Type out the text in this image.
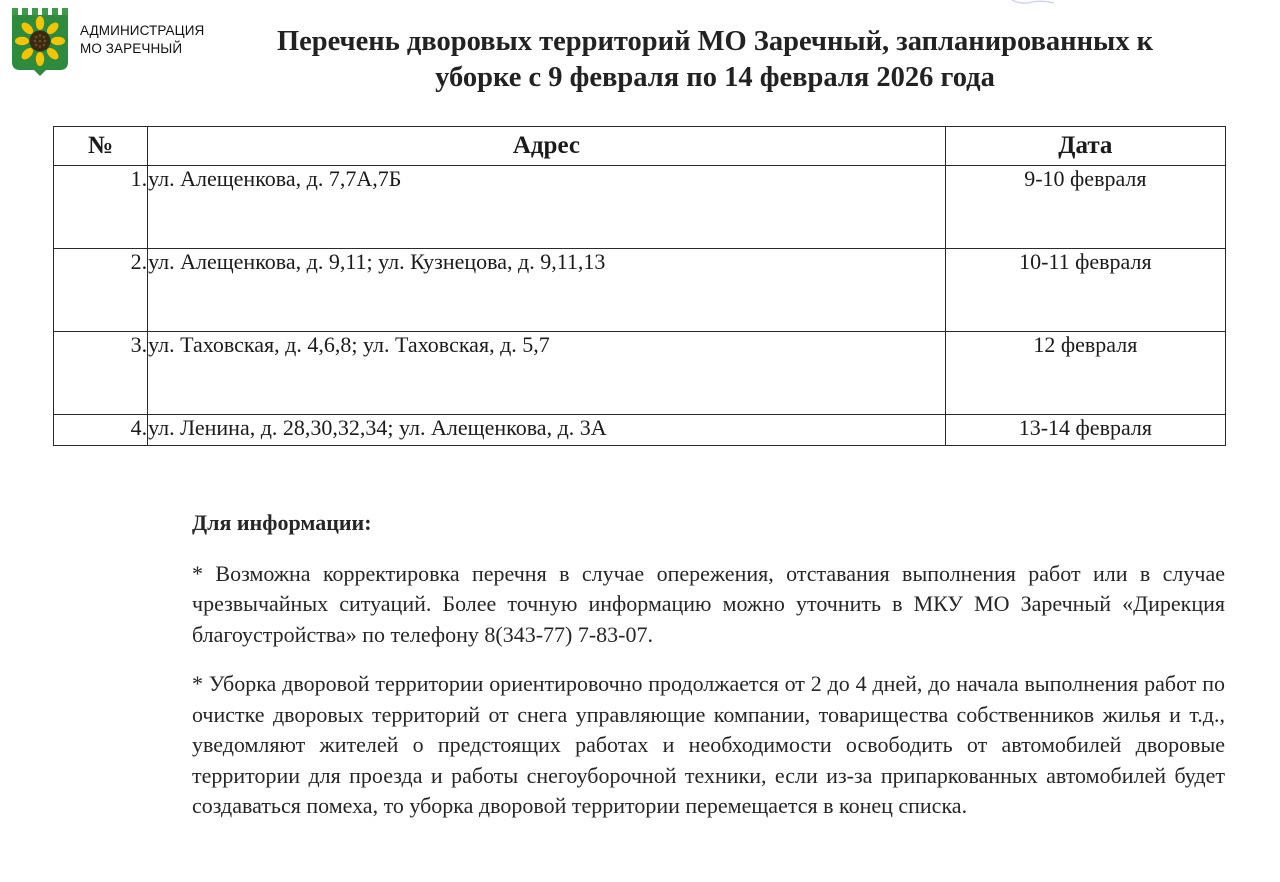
АДМИНИСТРАЦИЯ
МО ЗАРЕЧНЫЙ	Перечень дворовых территорий МО Заречный, запланированных к
уборке с 9 февраля по 14 февраля 2026 года
№	Адрес	Дата
1.	ул. Алещенкова, д. 7,7А,7Б	9-10 февраля
2.	ул. Алещенкова, д. 9,11; ул. Кузнецова, д. 9,11,13	10-11 февраля
3.	ул. Таховская, д. 4,6,8; ул. Таховская, д. 5,7	12 февраля
4.	ул. Ленина, д. 28,30,32,34; ул. Алещенкова, д. 3А	13-14 февраля

Для информации:

* Возможна корректировка перечня в случае опережения, отставания выполнения работ или в случае чрезвычайных ситуаций. Более точную информацию можно уточнить в МКУ МО Заречный «Дирекция благоустройства» по телефону 8(343-77) 7-83-07.

* Уборка дворовой территории ориентировочно продолжается от 2 до 4 дней, до начала выполнения работ по очистке дворовых территорий от снега управляющие компании, товарищества собственников жилья и т.д., уведомляют жителей о предстоящих работах и необходимости освободить от автомобилей дворовые территории для проезда и работы снегоуборочной техники, если из-за припаркованных автомобилей будет создаваться помеха, то уборка дворовой территории перемещается в конец списка.
